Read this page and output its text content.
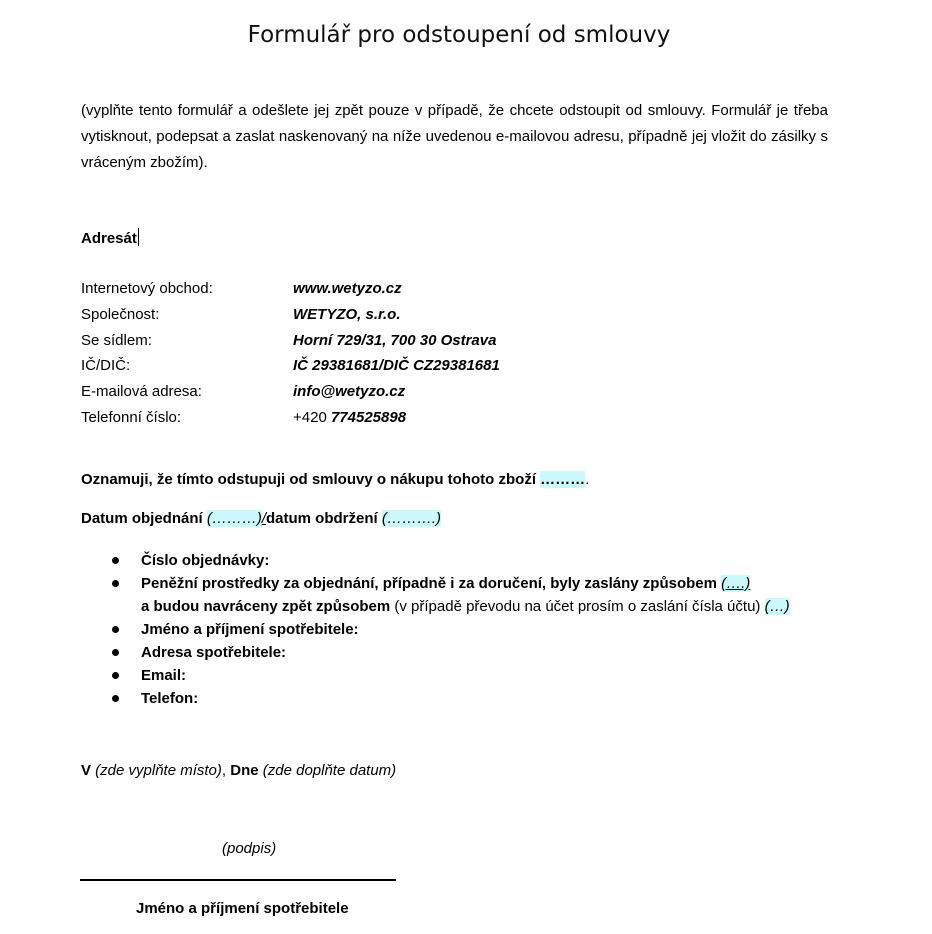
Formulář pro odstoupení od smlouvy
(vyplňte tento formulář a odešlete jej zpět pouze v případě, že chcete odstoupit od smlouvy. Formulář je třeba vytisknout, podepsat a zaslat naskenovaný na níže uvedenou e-mailovou adresu, případně jej vložit do zásilky s vráceným zbožím).
Adresát
Internetový obchod:	www.wetyzo.cz
Společnost:	WETYZO, s.r.o.
Se sídlem:	Horní 729/31, 700 30 Ostrava
IČ/DIČ:	IČ 29381681/DIČ CZ29381681
E-mailová adresa:	info@wetyzo.cz
Telefonní číslo:	+420 774525898
Oznamuji, že tímto odstupuji od smlouvy o nákupu tohoto zboží ……….
Datum objednání (………)/datum obdržení (……….)
Číslo objednávky:
Peněžní prostředky za objednání, případně i za doručení, byly zaslány způsobem (….)
a budou navráceny zpět způsobem (v případě převodu na účet prosím o zaslání čísla účtu) (…)
Jméno a příjmení spotřebitele:
Adresa spotřebitele:
Email:
Telefon:
V (zde vyplňte místo), Dne (zde doplňte datum)
(podpis)
Jméno a příjmení spotřebitele
